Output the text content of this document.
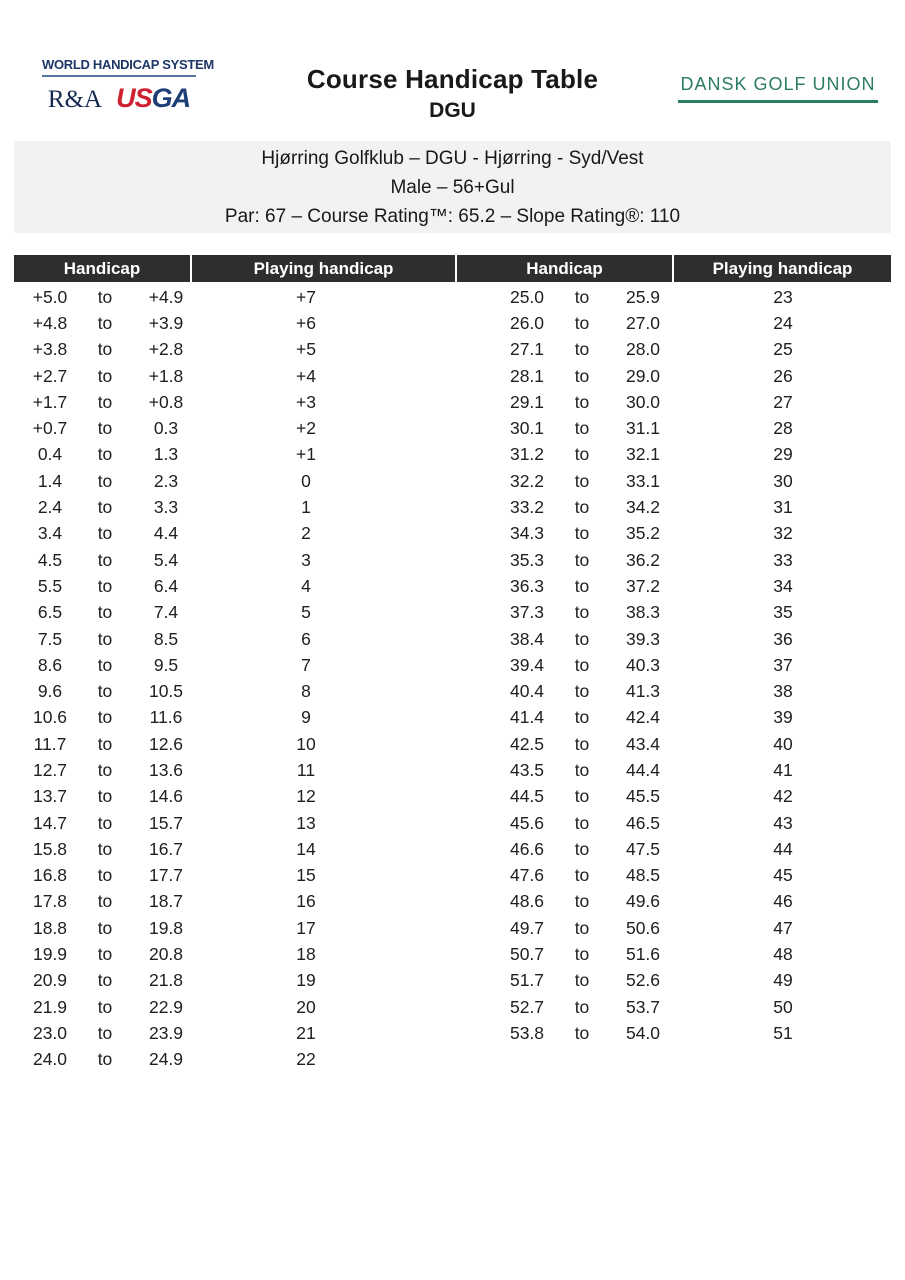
WORLD HANDICAP SYSTEM
R&A USGA
Course Handicap Table
DGU
DANSK GOLF UNION
Hjørring Golfklub – DGU - Hjørring - Syd/Vest
Male – 56+Gul
Par: 67 – Course Rating™: 65.2 – Slope Rating®: 110
Handicap	Playing handicap	Handicap	Playing handicap
+5.0	to	+4.9	+7
+4.8	to	+3.9	+6
+3.8	to	+2.8	+5
+2.7	to	+1.8	+4
+1.7	to	+0.8	+3
+0.7	to	0.3	+2
0.4	to	1.3	+1
1.4	to	2.3	0
2.4	to	3.3	1
3.4	to	4.4	2
4.5	to	5.4	3
5.5	to	6.4	4
6.5	to	7.4	5
7.5	to	8.5	6
8.6	to	9.5	7
9.6	to	10.5	8
10.6	to	11.6	9
11.7	to	12.6	10
12.7	to	13.6	11
13.7	to	14.6	12
14.7	to	15.7	13
15.8	to	16.7	14
16.8	to	17.7	15
17.8	to	18.7	16
18.8	to	19.8	17
19.9	to	20.8	18
20.9	to	21.8	19
21.9	to	22.9	20
23.0	to	23.9	21
24.0	to	24.9	22
25.0	to	25.9	23
26.0	to	27.0	24
27.1	to	28.0	25
28.1	to	29.0	26
29.1	to	30.0	27
30.1	to	31.1	28
31.2	to	32.1	29
32.2	to	33.1	30
33.2	to	34.2	31
34.3	to	35.2	32
35.3	to	36.2	33
36.3	to	37.2	34
37.3	to	38.3	35
38.4	to	39.3	36
39.4	to	40.3	37
40.4	to	41.3	38
41.4	to	42.4	39
42.5	to	43.4	40
43.5	to	44.4	41
44.5	to	45.5	42
45.6	to	46.5	43
46.6	to	47.5	44
47.6	to	48.5	45
48.6	to	49.6	46
49.7	to	50.6	47
50.7	to	51.6	48
51.7	to	52.6	49
52.7	to	53.7	50
53.8	to	54.0	51
